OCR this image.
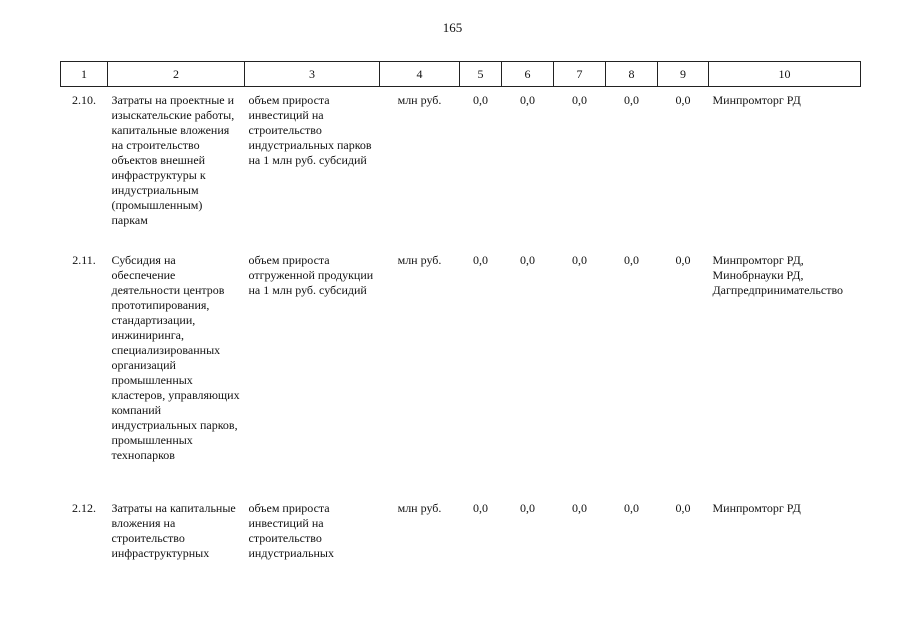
165
1	2	3	4	5	6	7	8	9	10
2.10.	Затраты на проектные и изыскательские работы, капитальные вложения на строительство объектов внешней инфраструктуры к индустриальным (промышленным) паркам	объем прироста инвестиций на строительство индустриальных парков на 1 млн руб. субсидий	млн руб.	0,0	0,0	0,0	0,0	0,0	Минпромторг РД
2.11.	Субсидия на обеспечение деятельности центров прототипирования, стандартизации, инжиниринга, специализированных организаций промышленных кластеров, управляющих компаний индустриальных парков, промышленных технопарков	объем прироста отгруженной продукции на 1 млн руб. субсидий	млн руб.	0,0	0,0	0,0	0,0	0,0	Минпромторг РД, Минобрнауки РД, Дагпредпринимательство
2.12.	Затраты на капитальные вложения на строительство инфраструктурных	объем прироста инвестиций на строительство индустриальных	млн руб.	0,0	0,0	0,0	0,0	0,0	Минпромторг РД
